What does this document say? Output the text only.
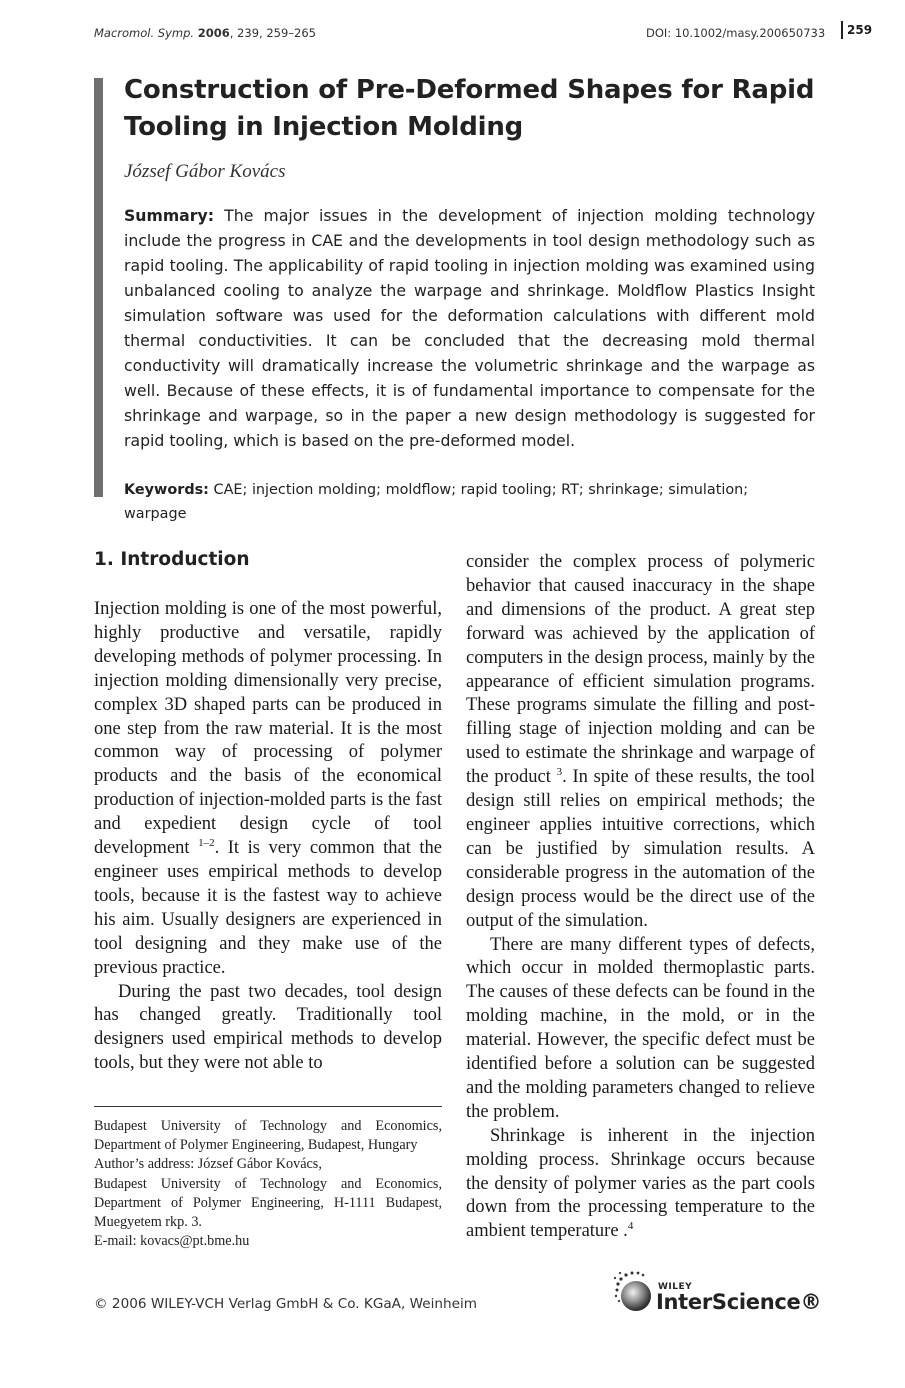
Macromol. Symp. 2006, 239, 259–265	DOI: 10.1002/masy.200650733	259
Construction of Pre-Deformed Shapes for Rapid Tooling in Injection Molding
József Gábor Kovács
Summary: The major issues in the development of injection molding technology include the progress in CAE and the developments in tool design methodology such as rapid tooling. The applicability of rapid tooling in injection molding was examined using unbalanced cooling to analyze the warpage and shrinkage. Moldflow Plastics Insight simulation software was used for the deformation calculations with different mold thermal conductivities. It can be concluded that the decreasing mold thermal conductivity will dramatically increase the volumetric shrinkage and the warpage as well. Because of these effects, it is of fundamental importance to compensate for the shrinkage and warpage, so in the paper a new design methodology is suggested for rapid tooling, which is based on the pre-deformed model.
Keywords: CAE; injection molding; moldflow; rapid tooling; RT; shrinkage; simulation; warpage
1. Introduction

Injection molding is one of the most powerful, highly productive and versatile, rapidly developing methods of polymer processing. In injection molding dimensionally very precise, complex 3D shaped parts can be produced in one step from the raw material. It is the most common way of processing of polymer products and the basis of the economical production of injection-molded parts is the fast and expedient design cycle of tool development $^{1-2}$. It is very common that the engineer uses empirical methods to develop tools, because it is the fastest way to achieve his aim. Usually designers are experienced in tool designing and they make use of the previous practice.

During the past two decades, tool design has changed greatly. Traditionally tool designers used empirical methods to develop tools, but they were not able to

consider the complex process of polymeric behavior that caused inaccuracy in the shape and dimensions of the product. A great step forward was achieved by the application of computers in the design process, mainly by the appearance of efficient simulation programs. These programs simulate the filling and post-filling stage of injection molding and can be used to estimate the shrinkage and warpage of the product $^3$. In spite of these results, the tool design still relies on empirical methods; the engineer applies intuitive corrections, which can be justified by simulation results. A considerable progress in the automation of the design process would be the direct use of the output of the simulation.

There are many different types of defects, which occur in molded thermoplastic parts. The causes of these defects can be found in the molding machine, in the mold, or in the material. However, the specific defect must be identified before a solution can be suggested and the molding parameters changed to relieve the problem.

Shrinkage is inherent in the injection molding process. Shrinkage occurs because the density of polymer varies as the part cools down from the processing temperature to the ambient temperature .$^4$

Budapest University of Technology and Economics, Department of Polymer Engineering, Budapest, Hungary

Author’s address: József Gábor Kovács,

Budapest University of Technology and Economics, Department of Polymer Engineering, H-1111 Budapest, Muegyetem rkp. 3.

E-mail: kovacs@pt.bme.hu

© 2006 WILEY-VCH Verlag GmbH & Co. KGaA, Weinheim
WILEY
InterScience®
